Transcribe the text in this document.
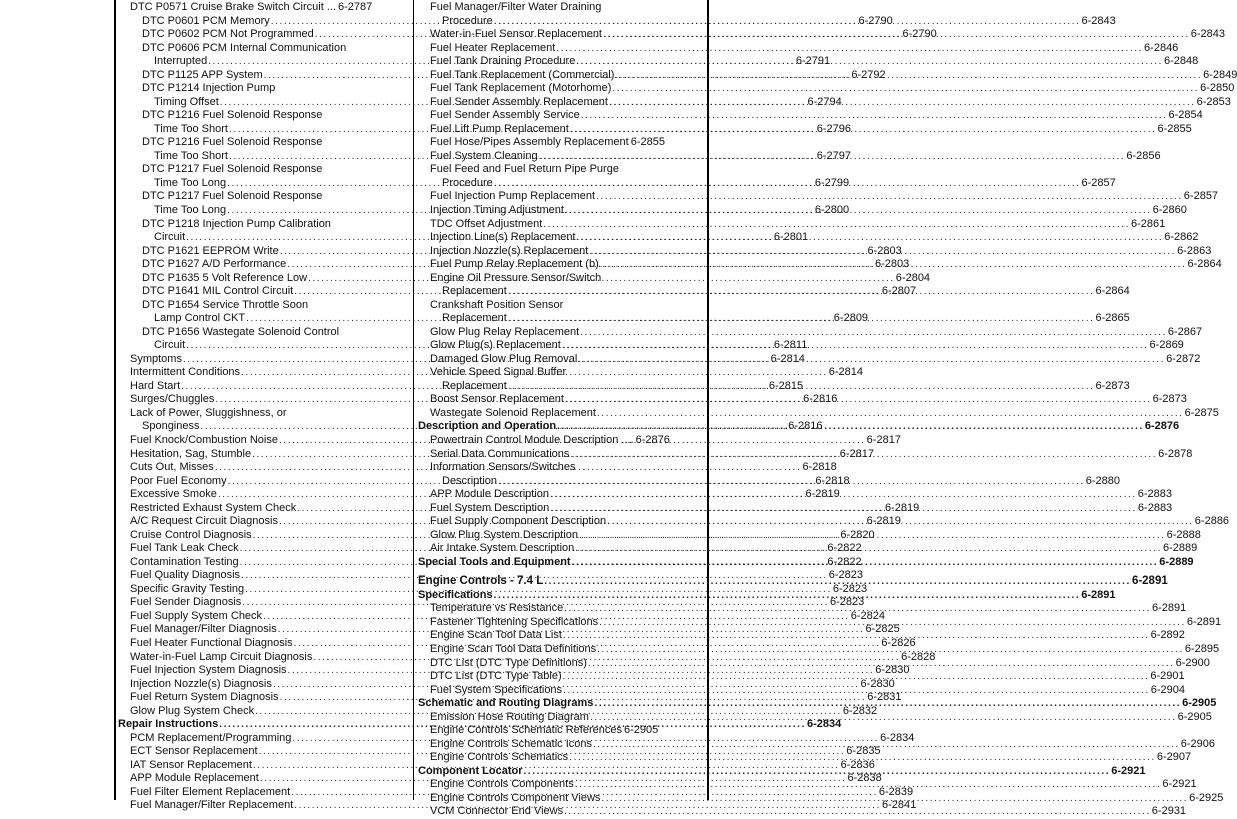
DTC P0571 Cruise Brake Switch Circuit ... 6-2787
DTC P0601 PCM Memory .....	6-2790
DTC P0602 PCM Not Programmed .....	6-2790
DTC P0606 PCM Internal Communication
Interrupted .....	6-2791
DTC P1125 APP System .....	6-2792
DTC P1214 Injection Pump
Timing Offset .....	6-2794
DTC P1216 Fuel Solenoid Response
Time Too Short .....	6-2796
DTC P1216 Fuel Solenoid Response
Time Too Short .....	6-2797
DTC P1217 Fuel Solenoid Response
Time Too Long .....	6-2799
DTC P1217 Fuel Solenoid Response
Time Too Long .....	6-2800
DTC P1218 Injection Pump Calibration
Circuit .....	6-2801
DTC P1621 EEPROM Write .....	6-2803
DTC P1627 A/D Performance .....	6-2803
DTC P1635 5 Volt Reference Low .....	6-2804
DTC P1641 MIL Control Circuit .....	6-2807
DTC P1654 Service Throttle Soon
Lamp Control CKT .....	6-2809
DTC P1656 Wastegate Solenoid Control
Circuit .....	6-2811
Symptoms .....	6-2814
Intermittent Conditions .....	6-2814
Hard Start .....	6-2815
Surges/Chuggles .....	6-2816
Lack of Power, Sluggishness, or
Sponginess .....	6-2816
Fuel Knock/Combustion Noise .....	6-2817
Hesitation, Sag, Stumble .....	6-2817
Cuts Out, Misses .....	6-2818
Poor Fuel Economy .....	6-2818
Excessive Smoke .....	6-2819
Restricted Exhaust System Check .....	6-2819
A/C Request Circuit Diagnosis .....	6-2819
Cruise Control Diagnosis .....	6-2820
Fuel Tank Leak Check .....	6-2822
Contamination Testing .....	6-2822
Fuel Quality Diagnosis .....	6-2823
Specific Gravity Testing .....	6-2823
Fuel Sender Diagnosis .....	6-2823
Fuel Supply System Check .....	6-2824
Fuel Manager/Filter Diagnosis .....	6-2825
Fuel Heater Functional Diagnosis .....	6-2826
Water-in-Fuel Lamp Circuit Diagnosis .....	6-2828
Fuel Injection System Diagnosis .....	6-2830
Injection Nozzle(s) Diagnosis .....	6-2830
Fuel Return System Diagnosis .....	6-2831
Glow Plug System Check .....	6-2832
Repair Instructions .....	6-2834
PCM Replacement/Programming .....	6-2834
ECT Sensor Replacement .....	6-2835
IAT Sensor Replacement .....	6-2836
APP Module Replacement .....	6-2838
Fuel Filter Element Replacement .....	6-2839
Fuel Manager/Filter Replacement .....	6-2841
Fuel Manager/Filter Water Draining
Procedure .....	6-2843
Water-in-Fuel Sensor Replacement .....	6-2843
Fuel Heater Replacement .....	6-2846
Fuel Tank Draining Procedure .....	6-2848
Fuel Tank Replacement (Commercial) .....	6-2849
Fuel Tank Replacement (Motorhome) .....	6-2850
Fuel Sender Assembly Replacement .....	6-2853
Fuel Sender Assembly Service .....	6-2854
Fuel Lift Pump Replacement .....	6-2855
Fuel Hose/Pipes Assembly Replacement 6-2855
Fuel System Cleaning .....	6-2856
Fuel Feed and Fuel Return Pipe Purge
Procedure .....	6-2857
Fuel Injection Pump Replacement .....	6-2857
Injection Timing Adjustment .....	6-2860
TDC Offset Adjustment .....	6-2861
Injection Line(s) Replacement .....	6-2862
Injection Nozzle(s) Replacement .....	6-2863
Fuel Pump Relay Replacement (b) .....	6-2864
Engine Oil Pressure Sensor/Switch
Replacement .....	6-2864
Crankshaft Position Sensor
Replacement .....	6-2865
Glow Plug Relay Replacement .....	6-2867
Glow Plug(s) Replacement .....	6-2869
Damaged Glow Plug Removal .....	6-2872
Vehicle Speed Signal Buffer
Replacement .....	6-2873
Boost Sensor Replacement .....	6-2873
Wastegate Solenoid Replacement .....	6-2875
Description and Operation .....	6-2876
Powertrain Control Module Description .... 6-2876
Serial Data Communications .....	6-2878
Information Sensors/Switches
Description .....	6-2880
APP Module Description .....	6-2883
Fuel System Description .....	6-2883
Fuel Supply Component Description .....	6-2886
Glow Plug System Description .....	6-2888
Air Intake System Description .....	6-2889
Special Tools and Equipment .....	6-2889
Engine Controls - 7.4 L .....	6-2891
Specifications .....	6-2891
Temperature vs Resistance .....	6-2891
Fastener Tightening Specifications .....	6-2891
Engine Scan Tool Data List .....	6-2892
Engine Scan Tool Data Definitions .....	6-2895
DTC List (DTC Type Definitions) .....	6-2900
DTC List (DTC Type Table) .....	6-2901
Fuel System Specifications .....	6-2904
Schematic and Routing Diagrams .....	6-2905
Emission Hose Routing Diagram .....	6-2905
Engine Controls Schematic References 6-2905
Engine Controls Schematic Icons .....	6-2906
Engine Controls Schematics .....	6-2907
Component Locator .....	6-2921
Engine Controls Components .....	6-2921
Engine Controls Component Views .....	6-2925
VCM Connector End Views .....	6-2931
